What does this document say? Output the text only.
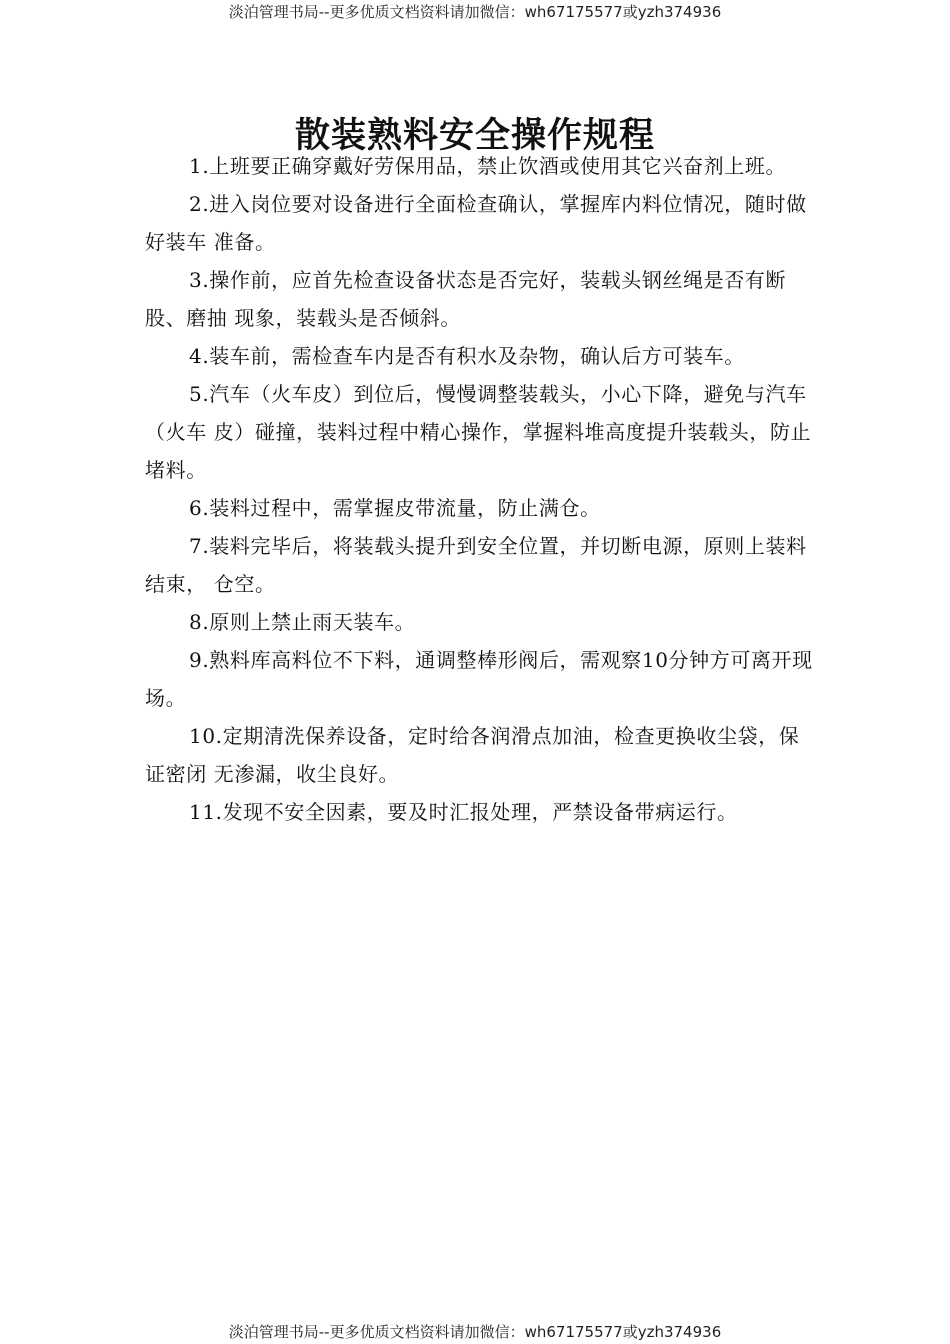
淡泊管理书局--更多优质文档资料请加微信：wh67175577或yzh374936
散装熟料安全操作规程

1.上班要正确穿戴好劳保用品，禁止饮酒或使用其它兴奋剂上班。

2.进入岗位要对设备进行全面检查确认，掌握库内料位情况，随时做好装车 准备。

3.操作前，应首先检查设备状态是否完好，装载头钢丝绳是否有断股、磨抽 现象，装载头是否倾斜。

4.装车前，需检查车内是否有积水及杂物，确认后方可装车。

5.汽车（火车皮）到位后，慢慢调整装载头，小心下降，避免与汽车（火车 皮）碰撞，装料过程中精心操作，掌握料堆高度提升装载头，防止堵料。

6.装料过程中，需掌握皮带流量，防止满仓。

7.装料完毕后，将装载头提升到安全位置，并切断电源，原则上装料结束， 仓空。

8.原则上禁止雨天装车。

9.熟料库高料位不下料，通调整棒形阀后，需观察10分钟方可离开现场。

10.定期清洗保养设备，定时给各润滑点加油，检查更换收尘袋，保证密闭 无渗漏，收尘良好。

11.发现不安全因素，要及时汇报处理，严禁设备带病运行。

淡泊管理书局--更多优质文档资料请加微信：wh67175577或yzh374936
